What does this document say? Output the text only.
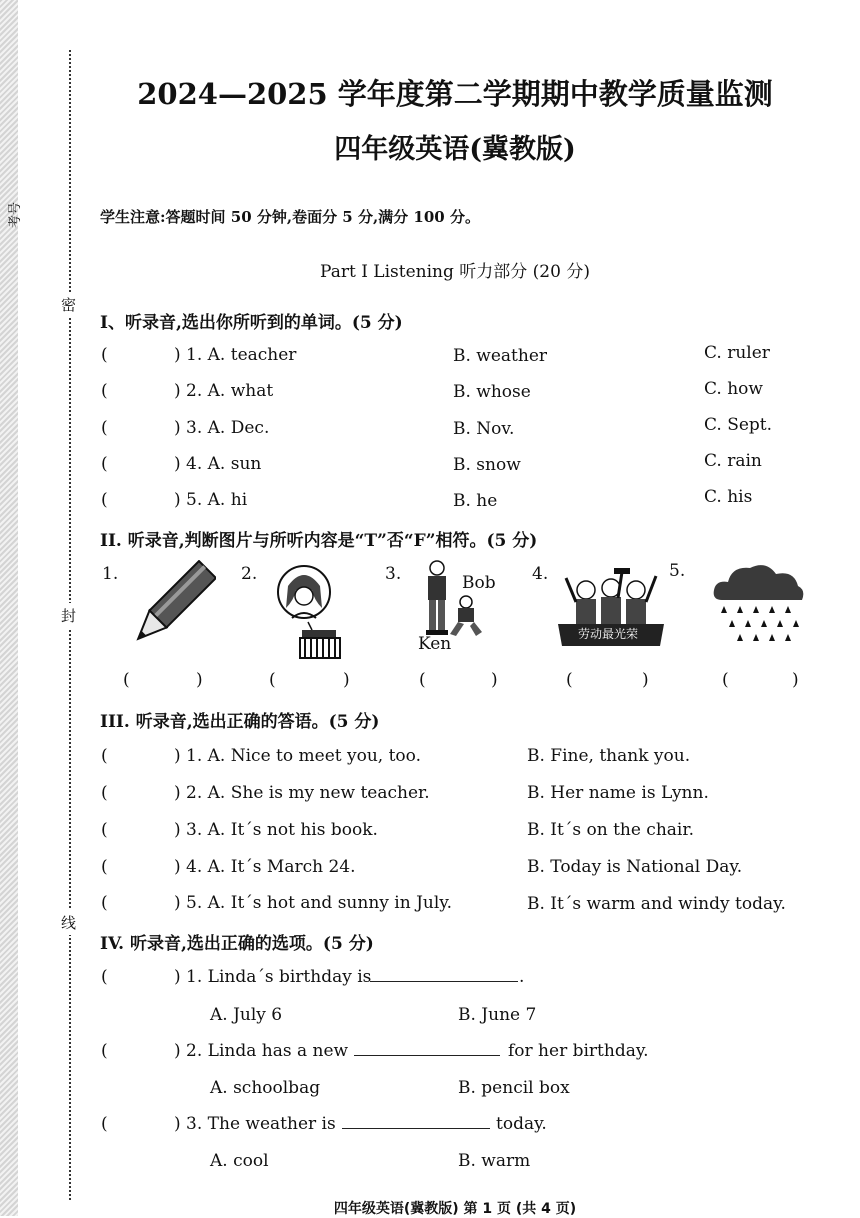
考号
密
封
线
2024—2025 学年度第二学期期中教学质量监测
四年级英语(冀教版)
学生注意:答题时间 50 分钟,卷面分 5 分,满分 100 分。
Part I Listening 听力部分 (20 分)
I、听录音,选出你所听到的单词。(5 分)
(	) 1. A. teacher	B. weather	C. ruler
(	) 2. A. what	B. whose	C. how
(	) 3. A. Dec.	B. Nov.	C. Sept.
(	) 4. A. sun	B. snow	C. rain
(	) 5. A. hi	B. he	C. his
II. 听录音,判断图片与所听内容是“T”否“F”相符。(5 分)
1.	2.	3.	4.	5.
Bob
Ken	劳动最光荣
(	)	(	)	(	)	(	)	(	)
III. 听录音,选出正确的答语。(5 分)
(	) 1. A. Nice to meet you, too.	B. Fine, thank you.
(	) 2. A. She is my new teacher.	B. Her name is Lynn.
(	) 3. A. It´s not his book.	B. It´s on the chair.
(	) 4. A. It´s March 24.	B. Today is National Day.
(	) 5. A. It´s hot and sunny in July.	B. It´s warm and windy today.
IV. 听录音,选出正确的选项。(5 分)
(	) 1. Linda´s birthday is	.
A. July 6	B. June 7
(	) 2. Linda has a new	for her birthday.
A. schoolbag	B. pencil box
(	) 3. The weather is	today.
A. cool	B. warm
四年级英语(冀教版) 第 1 页 (共 4 页)
